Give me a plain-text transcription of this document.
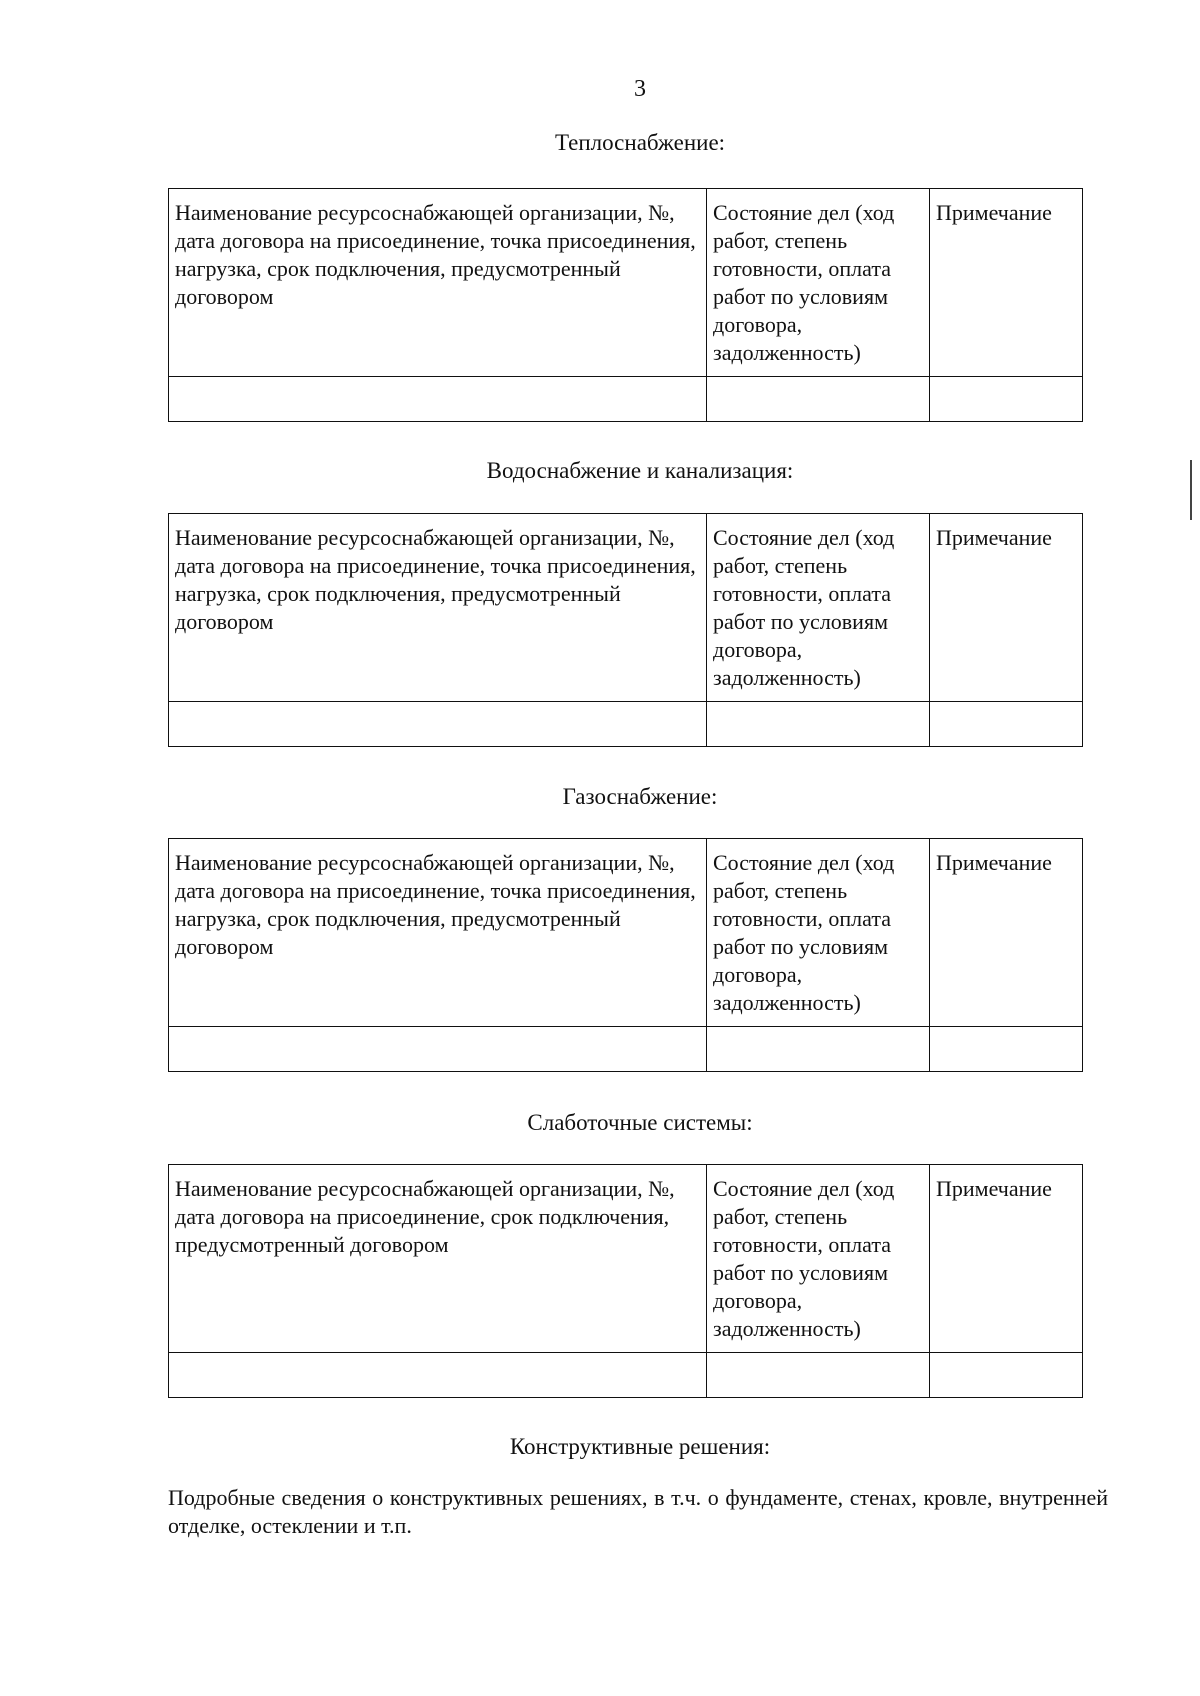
3
Теплоснабжение:
Наименование ресурсоснабжающей организации, №, дата договора на присоединение, точка присоединения, нагрузка, срок подключения, предусмотренный договором	Состояние дел (ход работ, степень готовности, оплата работ по условиям договора, задолженность)	Примечание

Водоснабжение и канализация:
Наименование ресурсоснабжающей организации, №, дата договора на присоединение, точка присоединения, нагрузка, срок подключения, предусмотренный договором	Состояние дел (ход работ, степень готовности, оплата работ по условиям договора, задолженность)	Примечание

Газоснабжение:
Наименование ресурсоснабжающей организации, №, дата договора на присоединение, точка присоединения, нагрузка, срок подключения, предусмотренный договором	Состояние дел (ход работ, степень готовности, оплата работ по условиям договора, задолженность)	Примечание

Слаботочные системы:
Наименование ресурсоснабжающей организации, №, дата договора на присоединение, срок подключения, предусмотренный договором	Состояние дел (ход работ, степень готовности, оплата работ по условиям договора, задолженность)	Примечание

Конструктивные решения:
Подробные сведения о конструктивных решениях, в т.ч. о фундаменте, стенах, кровле, внутренней отделке, остеклении и т.п.
